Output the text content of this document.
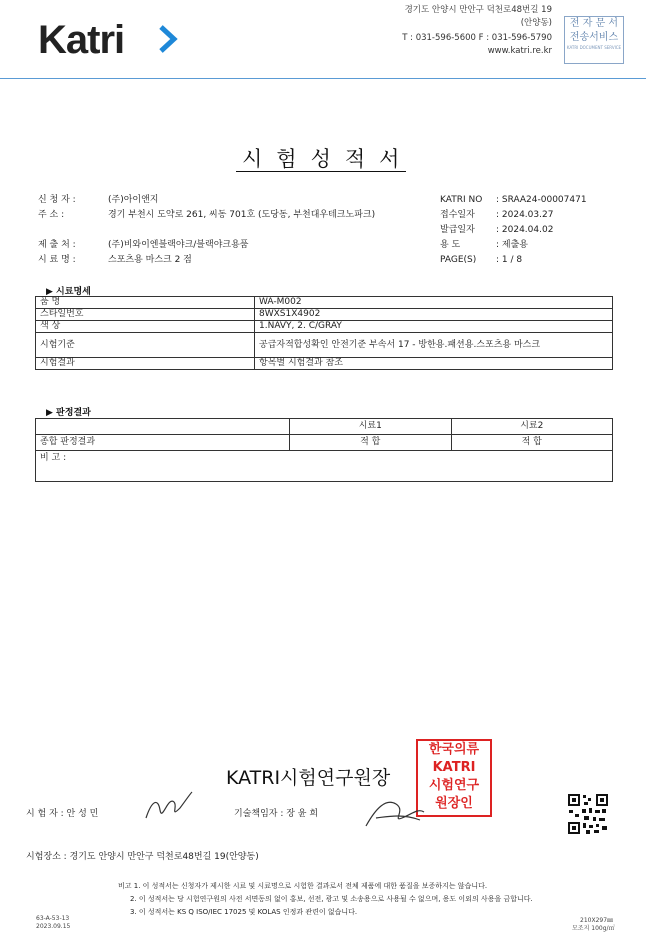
Katri
경기도 안양시 만안구 덕천로48번길 19
(안양동)
T : 031-596-5600 F : 031-596-5790
www.katri.re.kr
전 자 문 서
전송서비스
KATRI DOCUMENT SERVICE
시험성적서
신 청 자 :	(주)아이앤지
주 소 :	경기 부천시 도약로 261, 씨동 701호 (도당동, 부천대우테크노파크)
제 출 처 :	(주)비와이엔블랙야크/블랙야크용품
시 료 명 :	스포츠용 마스크 2 점
KATRI NO : SRAA24-00007471
접수일자 : 2024.03.27
발급일자 : 2024.04.02
용 도	: 제출용
PAGE(S) : 1 / 8
▶ 시료명세
품 명	WA-M002
스타일번호	8WXS1X4902
색 상	1.NAVY, 2. C/GRAY
시험기준	공급자적합성확인 안전기준 부속서 17 - 방한용.패션용.스포츠용 마스크
시험결과	항목별 시험결과 참조
▶ 판정결과
	시료1	시료2
종합 판정결과	적 합	적 합
비 고 :		
KATRI시험연구원장
한국의류
KATRI
시험연구
원장인
시 험 자 : 안 성 민	기술책임자 : 장 윤 희
시험장소 : 경기도 안양시 만안구 덕천로48번길 19(안양동)
비고 1. 이 성적서는 신청자가 제시한 시료 및 시료명으로 시험한 결과로서 전체 제품에 대한 품질을 보증하지는 않습니다.
2. 이 성적서는 당 시험연구원의 사전 서면동의 없이 홍보, 선전, 광고 및 소송용으로 사용될 수 없으며, 용도 이외의 사용을 금합니다.
3. 이 성적서는 KS Q ISO/IEC 17025 및 KOLAS 인정과 관련이 없습니다.
63-A-53-13
2023.09.15
210X297㎜
모조지 100g/㎡
